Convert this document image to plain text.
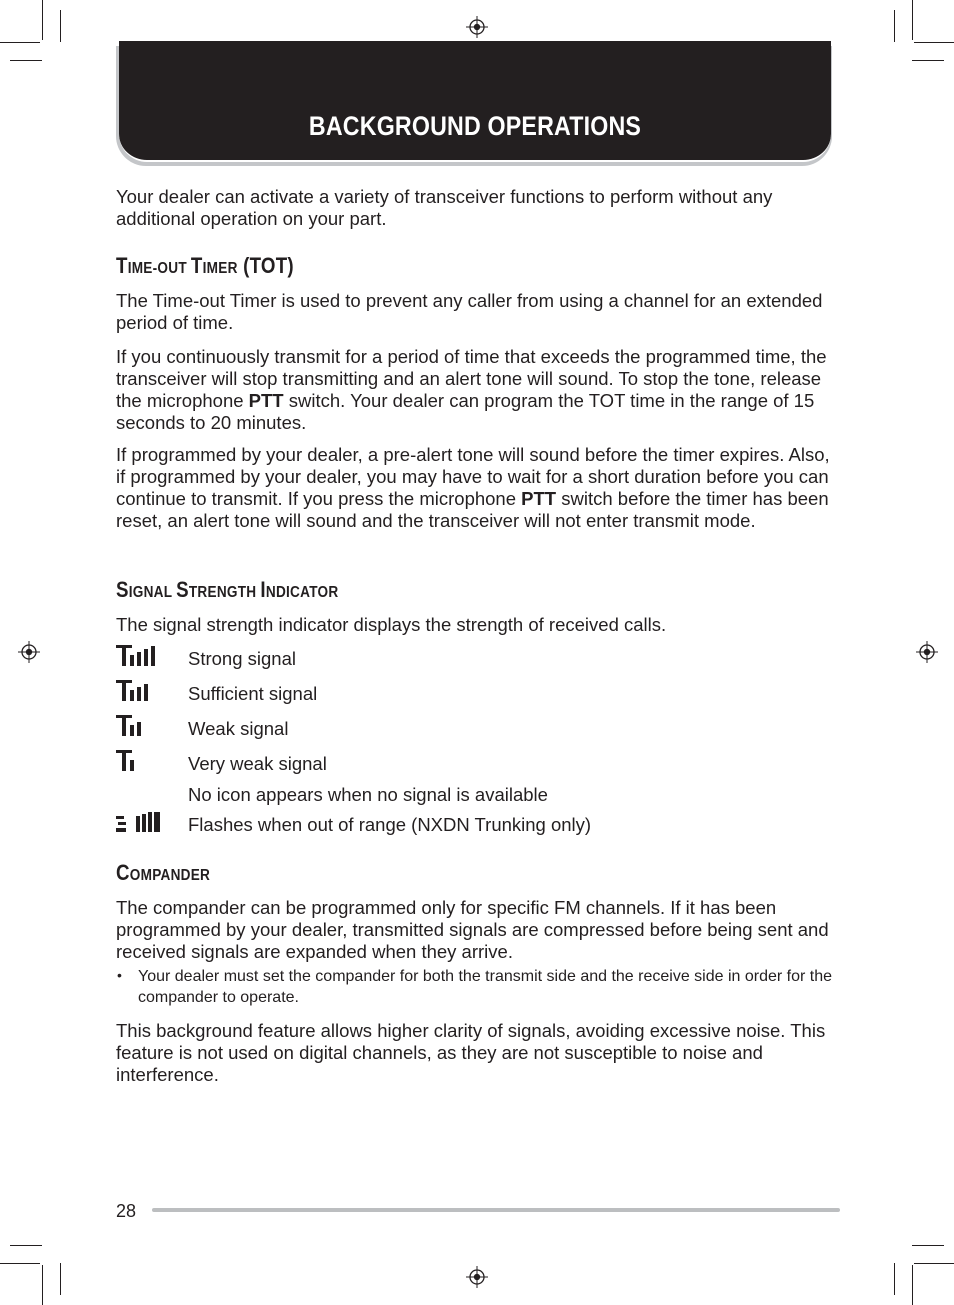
BACKGROUND OPERATIONS

Your dealer can activate a variety of transceiver functions to perform without any additional operation on your part.

TIME-OUT TIMER (TOT)

The Time-out Timer is used to prevent any caller from using a channel for an extended period of time.

If you continuously transmit for a period of time that exceeds the programmed time, the transceiver will stop transmitting and an alert tone will sound. To stop the tone, release the microphone PTT switch. Your dealer can program the TOT time in the range of 15 seconds to 20 minutes.

If programmed by your dealer, a pre-alert tone will sound before the timer expires. Also, if programmed by your dealer, you may have to wait for a short duration before you can continue to transmit. If you press the microphone PTT switch before the timer has been reset, an alert tone will sound and the transceiver will not enter transmit mode.

SIGNAL STRENGTH INDICATOR

The signal strength indicator displays the strength of received calls.

Strong signal
Sufficient signal
Weak signal
Very weak signal
No icon appears when no signal is available
Flashes when out of range (NXDN Trunking only)
COMPANDER

The compander can be programmed only for specific FM channels. If it has been programmed by your dealer, transmitted signals are compressed before being sent and received signals are expanded when they arrive.

• Your dealer must set the compander for both the transmit side and the receive side in order for the compander to operate.

This background feature allows higher clarity of signals, avoiding excessive noise. This feature is not used on digital channels, as they are not susceptible to noise and interference.

28
